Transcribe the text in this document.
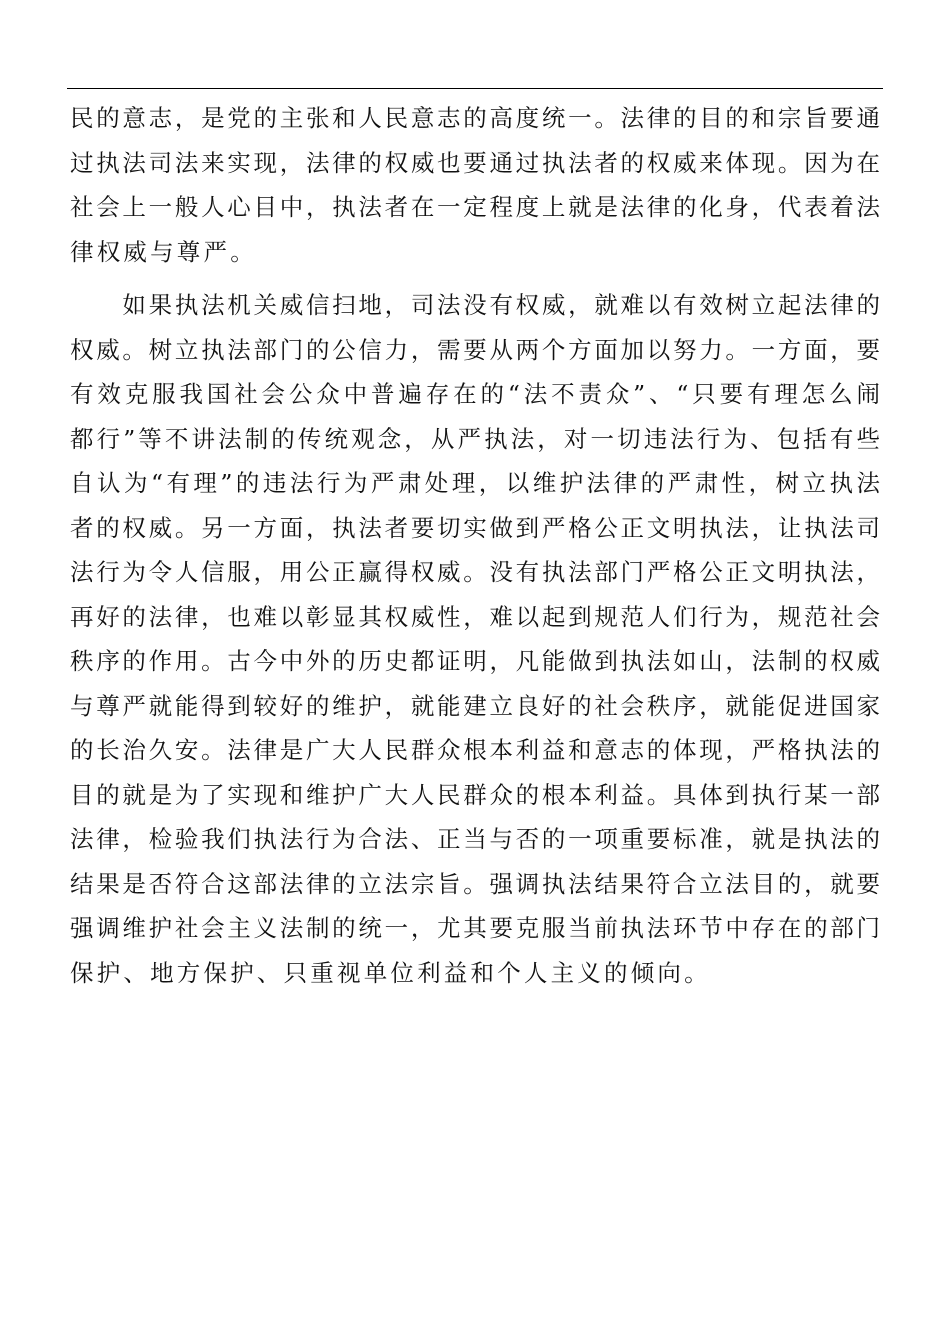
民的意志，是党的主张和人民意志的高度统一。法律的目的和宗旨要通
过执法司法来实现，法律的权威也要通过执法者的权威来体现。因为在
社会上一般人心目中，执法者在一定程度上就是法律的化身，代表着法
律权威与尊严。
　　如果执法机关威信扫地，司法没有权威，就难以有效树立起法律的
权威。树立执法部门的公信力，需要从两个方面加以努力。一方面，要
有效克服我国社会公众中普遍存在的“法不责众”、“只要有理怎么闹
都行”等不讲法制的传统观念，从严执法，对一切违法行为、包括有些
自认为“有理”的违法行为严肃处理，以维护法律的严肃性，树立执法
者的权威。另一方面，执法者要切实做到严格公正文明执法，让执法司
法行为令人信服，用公正赢得权威。没有执法部门严格公正文明执法，
再好的法律，也难以彰显其权威性，难以起到规范人们行为，规范社会
秩序的作用。古今中外的历史都证明，凡能做到执法如山，法制的权威
与尊严就能得到较好的维护，就能建立良好的社会秩序，就能促进国家
的长治久安。法律是广大人民群众根本利益和意志的体现，严格执法的
目的就是为了实现和维护广大人民群众的根本利益。具体到执行某一部
法律，检验我们执法行为合法、正当与否的一项重要标准，就是执法的
结果是否符合这部法律的立法宗旨。强调执法结果符合立法目的，就要
强调维护社会主义法制的统一，尤其要克服当前执法环节中存在的部门
保护、地方保护、只重视单位利益和个人主义的倾向。
